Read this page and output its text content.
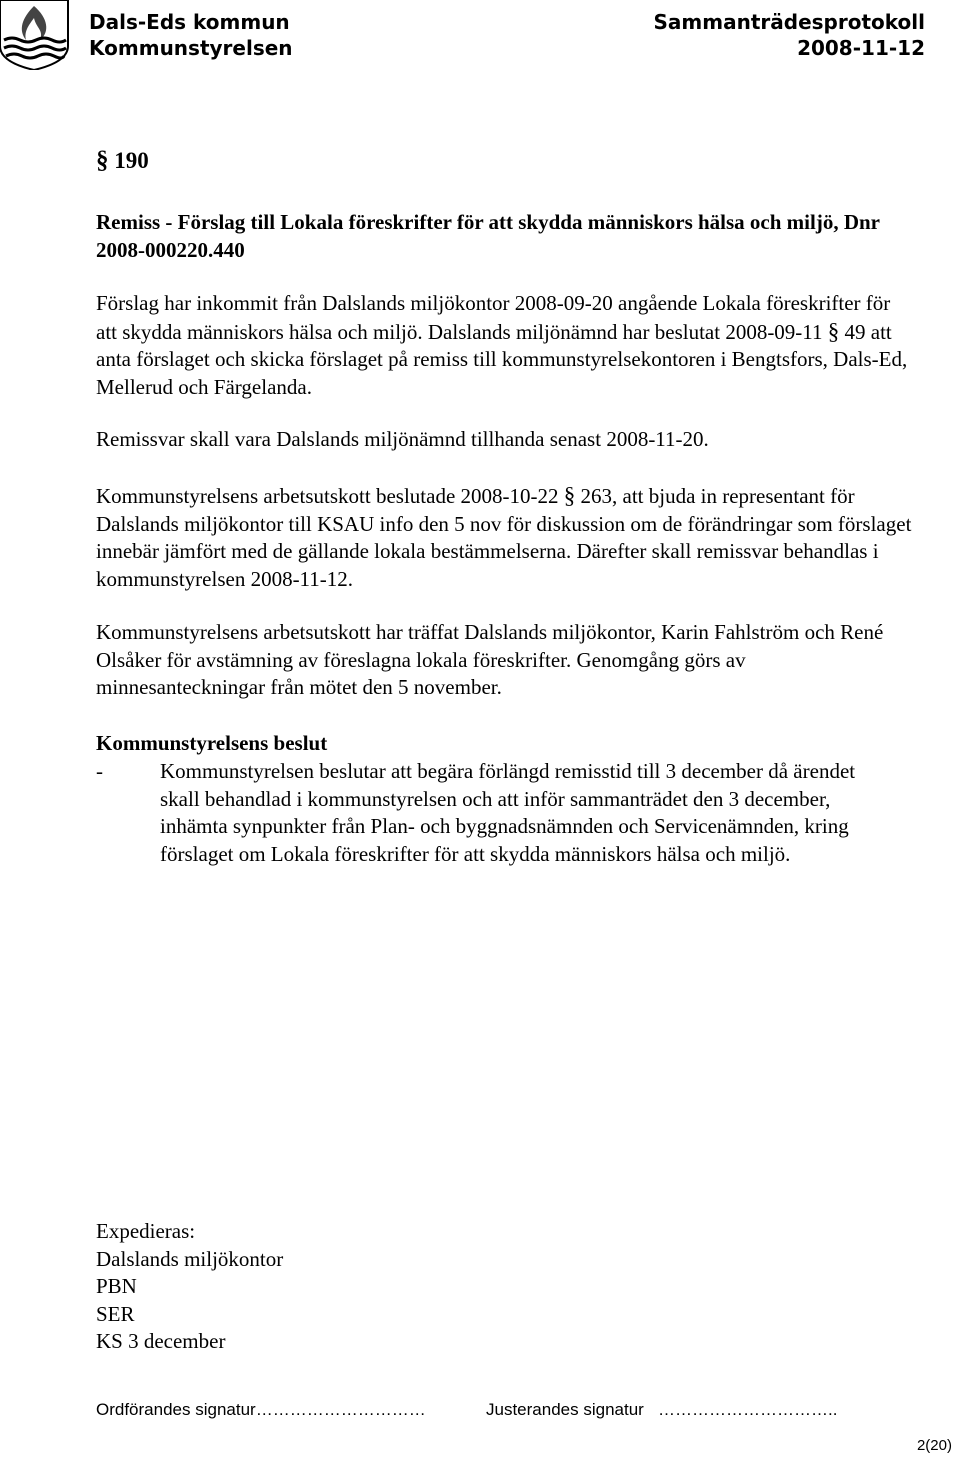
Dals-Eds kommun
Kommunstyrelsen
Sammanträdesprotokoll
2008-11-12
§ 190
Remiss - Förslag till Lokala föreskrifter för att skydda människors hälsa och miljö, Dnr 2008-000220.440
Förslag har inkommit från Dalslands miljökontor 2008-09-20 angående Lokala föreskrifter för att skydda människors hälsa och miljö. Dalslands miljönämnd har beslutat 2008-09-11 § 49 att anta förslaget och skicka förslaget på remiss till kommunstyrelsekontoren i Bengtsfors, Dals-Ed, Mellerud och Färgelanda.
Remissvar skall vara Dalslands miljönämnd tillhanda senast 2008-11-20.
Kommunstyrelsens arbetsutskott beslutade 2008-10-22 § 263, att bjuda in representant för Dalslands miljökontor till KSAU info den 5 nov för diskussion om de förändringar som förslaget innebär jämfört med de gällande lokala bestämmelserna. Därefter skall remissvar behandlas i kommunstyrelsen 2008-11-12.
Kommunstyrelsens arbetsutskott har träffat Dalslands miljökontor, Karin Fahlström och René Olsåker för avstämning av föreslagna lokala föreskrifter. Genomgång görs av minnesanteckningar från mötet den 5 november.
Kommunstyrelsens beslut
-	Kommunstyrelsen beslutar att begära förlängd remisstid till 3 december då ärendet skall behandlad i kommunstyrelsen och att inför sammanträdet den 3 december, inhämta synpunkter från Plan- och byggnadsnämnden och Servicenämnden, kring förslaget om Lokala föreskrifter för att skydda människors hälsa och miljö.
Expedieras:
Dalslands miljökontor
PBN
SER
KS 3 december
Ordförandes signatur…………………………	Justerandes signatur …………………………..
2(20)
